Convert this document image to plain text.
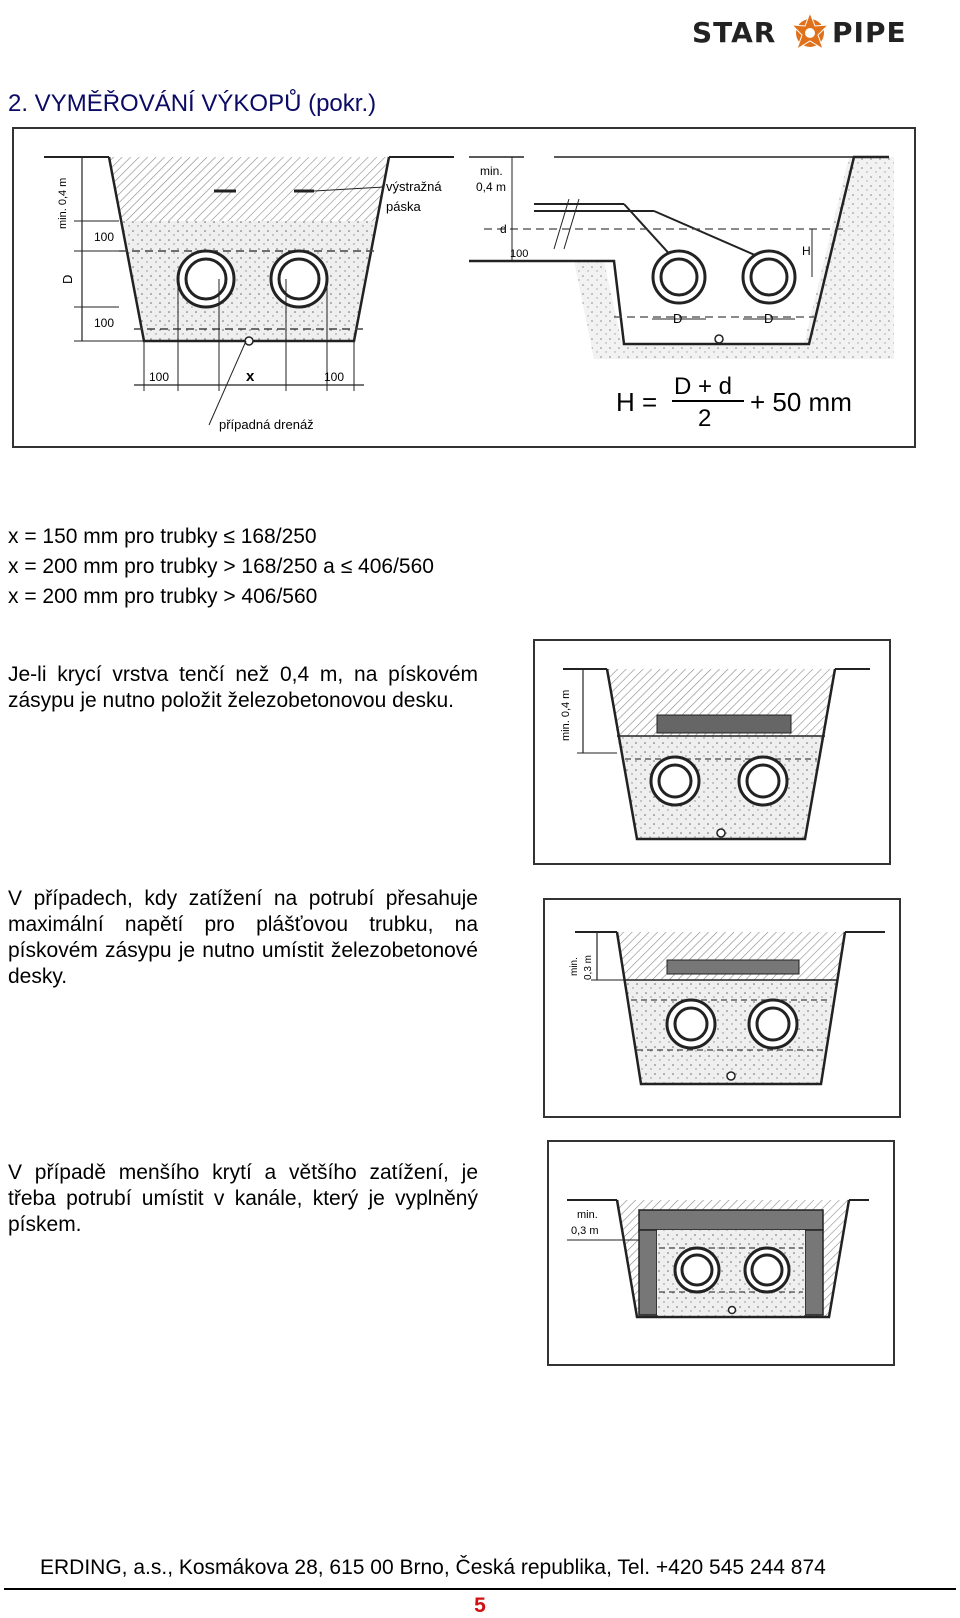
STAR PIPE
2. VYMĚŘOVÁNÍ VÝKOPŮ (pokr.)
min. 0,4 m
100
D
100
100	x	100
případná drenáž
výstražná
páska
min.
0,4 m
d
100	H
D	D
H =
D + d
2
+ 50 mm
x = 150 mm pro trubky ≤ 168/250
x = 200 mm pro trubky > 168/250 a ≤ 406/560
x = 200 mm pro trubky > 406/560
Je-li krycí vrstva tenčí než 0,4 m, na pískovém zásypu je nutno položit železobetonovou desku.	min. 0,4 m
V případech, kdy zatížení na potrubí přesahuje maximální napětí pro plášťovou trubku, na pískovém zásypu je nutno umístit železobetonové desky.	min. 0,3 m
V případě menšího krytí a většího zatížení, je třeba potrubí umístit v kanále, který je vyplněný pískem.	min.
0,3 m
ERDING, a.s., Kosmákova 28, 615 00 Brno, Česká republika, Tel. +420 545 244 874
5
